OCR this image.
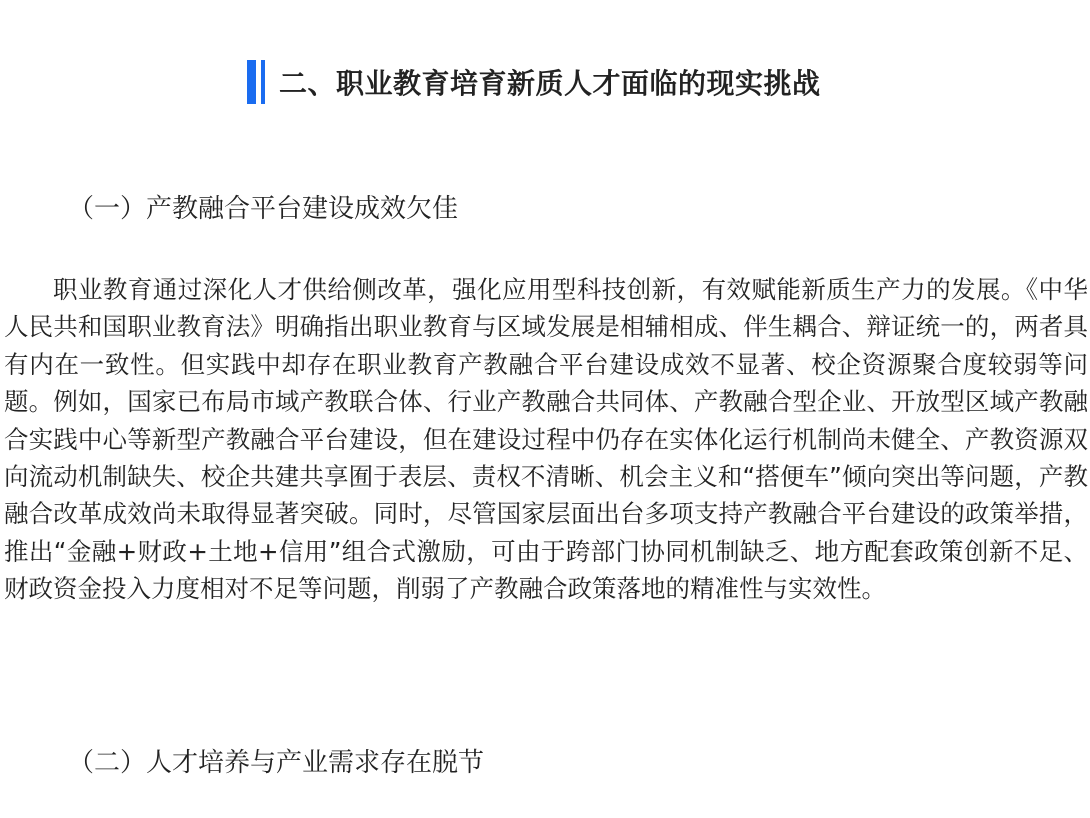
二、职业教育培育新质人才面临的现实挑战
（一）产教融合平台建设成效欠佳

职业教育通过深化人才供给侧改革，强化应用型科技创新，有效赋能新质生产力的发展。《中华人民共和国职业教育法》明确指出职业教育与区域发展是相辅相成、伴生耦合、辩证统一的，两者具有内在一致性。但实践中却存在职业教育产教融合平台建设成效不显著、校企资源聚合度较弱等问题。例如，国家已布局市域产教联合体、行业产教融合共同体、产教融合型企业、开放型区域产教融合实践中心等新型产教融合平台建设，但在建设过程中仍存在实体化运行机制尚未健全、产教资源双向流动机制缺失、校企共建共享囿于表层、责权不清晰、机会主义和“搭便车”倾向突出等问题，产教融合改革成效尚未取得显著突破。同时，尽管国家层面出台多项支持产教融合平台建设的政策举措，推出“金融+财政+土地+信用”组合式激励，可由于跨部门协同机制缺乏、地方配套政策创新不足、财政资金投入力度相对不足等问题，削弱了产教融合政策落地的精准性与实效性。

（二）人才培养与产业需求存在脱节
